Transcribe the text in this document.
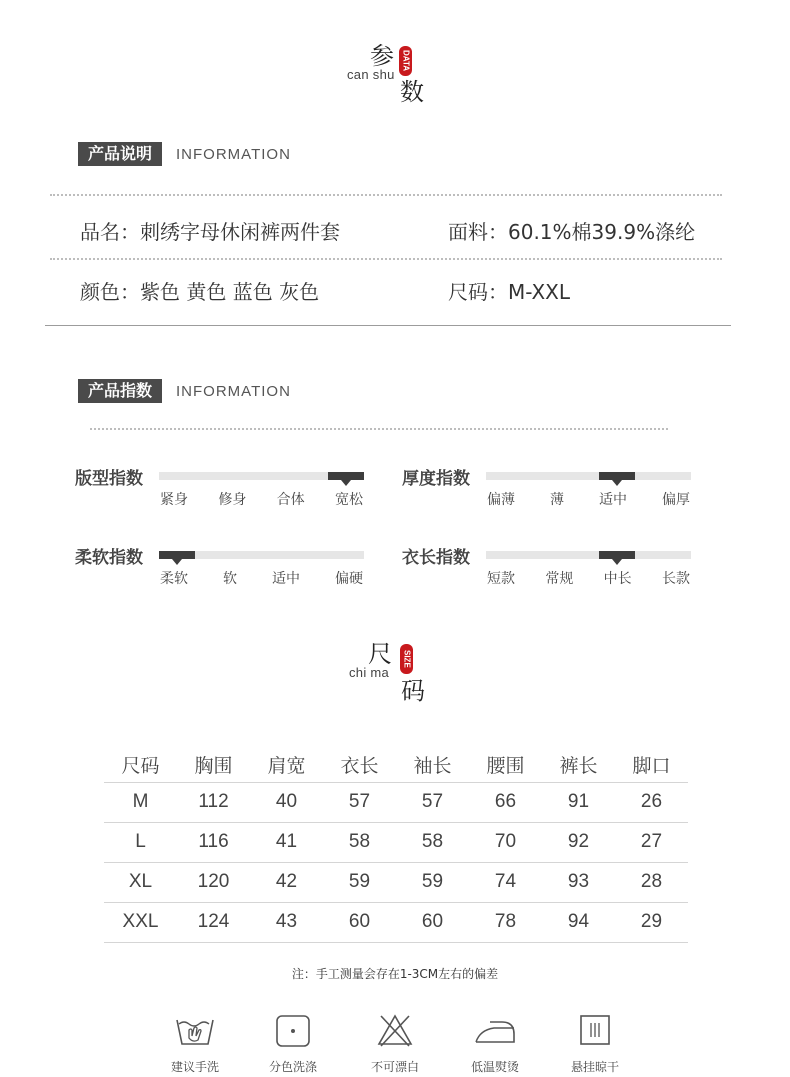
参
can shu
DATA
数
产品说明	INFORMATION
品名：刺绣字母休闲裤两件套	面料：60.1%棉39.9%涤纶
颜色：紫色 黄色 蓝色 灰色	尺码：M-XXL
产品指数	INFORMATION
版型指数
紧身 修身 合体 宽松
厚度指数
偏薄	薄	适中	偏厚
柔软指数
柔软	软	适中	偏硬
衣长指数
短款 常规 中长 长款
尺
chi ma
SIZE
码
尺码	胸围	肩宽	衣长	袖长	腰围	裤长	脚口
M	112	40	57	57	66	91	26
L	116	41	58	58	70	92	27
XL	120	42	59	59	74	93	28
XXL	124	43	60	60	78	94	29
注：手工测量会存在1-3CM左右的偏差
建议手洗	分色洗涤	不可漂白	低温熨烫	悬挂晾干
